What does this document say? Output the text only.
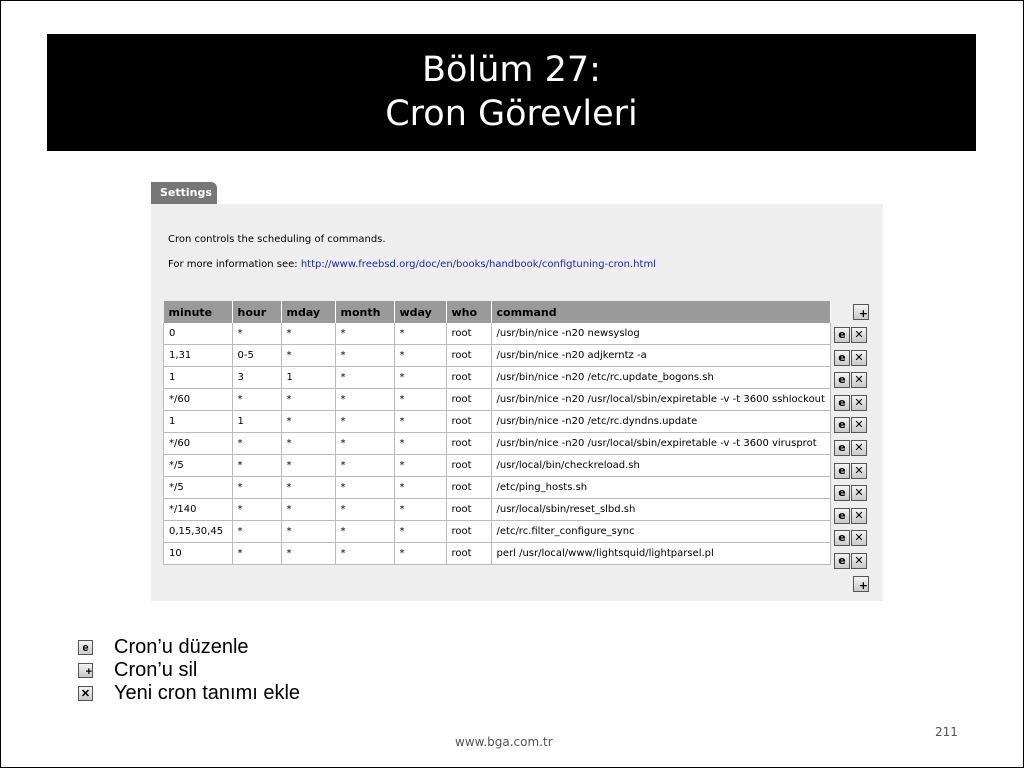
Bölüm 27:
Cron Görevleri
Settings
Cron controls the scheduling of commands.
For more information see: http://www.freebsd.org/doc/en/books/handbook/configtuning-cron.html
minute	hour	mday	month	wday	who	command
0	*	*	*	*	root	/usr/bin/nice -n20 newsyslog
1,31	0-5	*	*	*	root	/usr/bin/nice -n20 adjkerntz -a
1	3	1	*	*	root	/usr/bin/nice -n20 /etc/rc.update_bogons.sh
*/60	*	*	*	*	root	/usr/bin/nice -n20 /usr/local/sbin/expiretable -v -t 3600 sshlockout
1	1	*	*	*	root	/usr/bin/nice -n20 /etc/rc.dyndns.update
*/60	*	*	*	*	root	/usr/bin/nice -n20 /usr/local/sbin/expiretable -v -t 3600 virusprot
*/5	*	*	*	*	root	/usr/local/bin/checkreload.sh
*/5	*	*	*	*	root	/etc/ping_hosts.sh
*/140	*	*	*	*	root	/usr/local/sbin/reset_slbd.sh
0,15,30,45	*	*	*	*	root	/etc/rc.filter_configure_sync
10	*	*	*	*	root	perl /usr/local/www/lightsquid/lightparsel.pl
+
e ✕
e ✕
e ✕
e ✕
e ✕
e ✕
e ✕
e ✕
e ✕
e ✕
e ✕
+
e Cron’u düzenle
+
Cron’u sil
✕ Yeni cron tanımı ekle
www.bga.com.tr
211
